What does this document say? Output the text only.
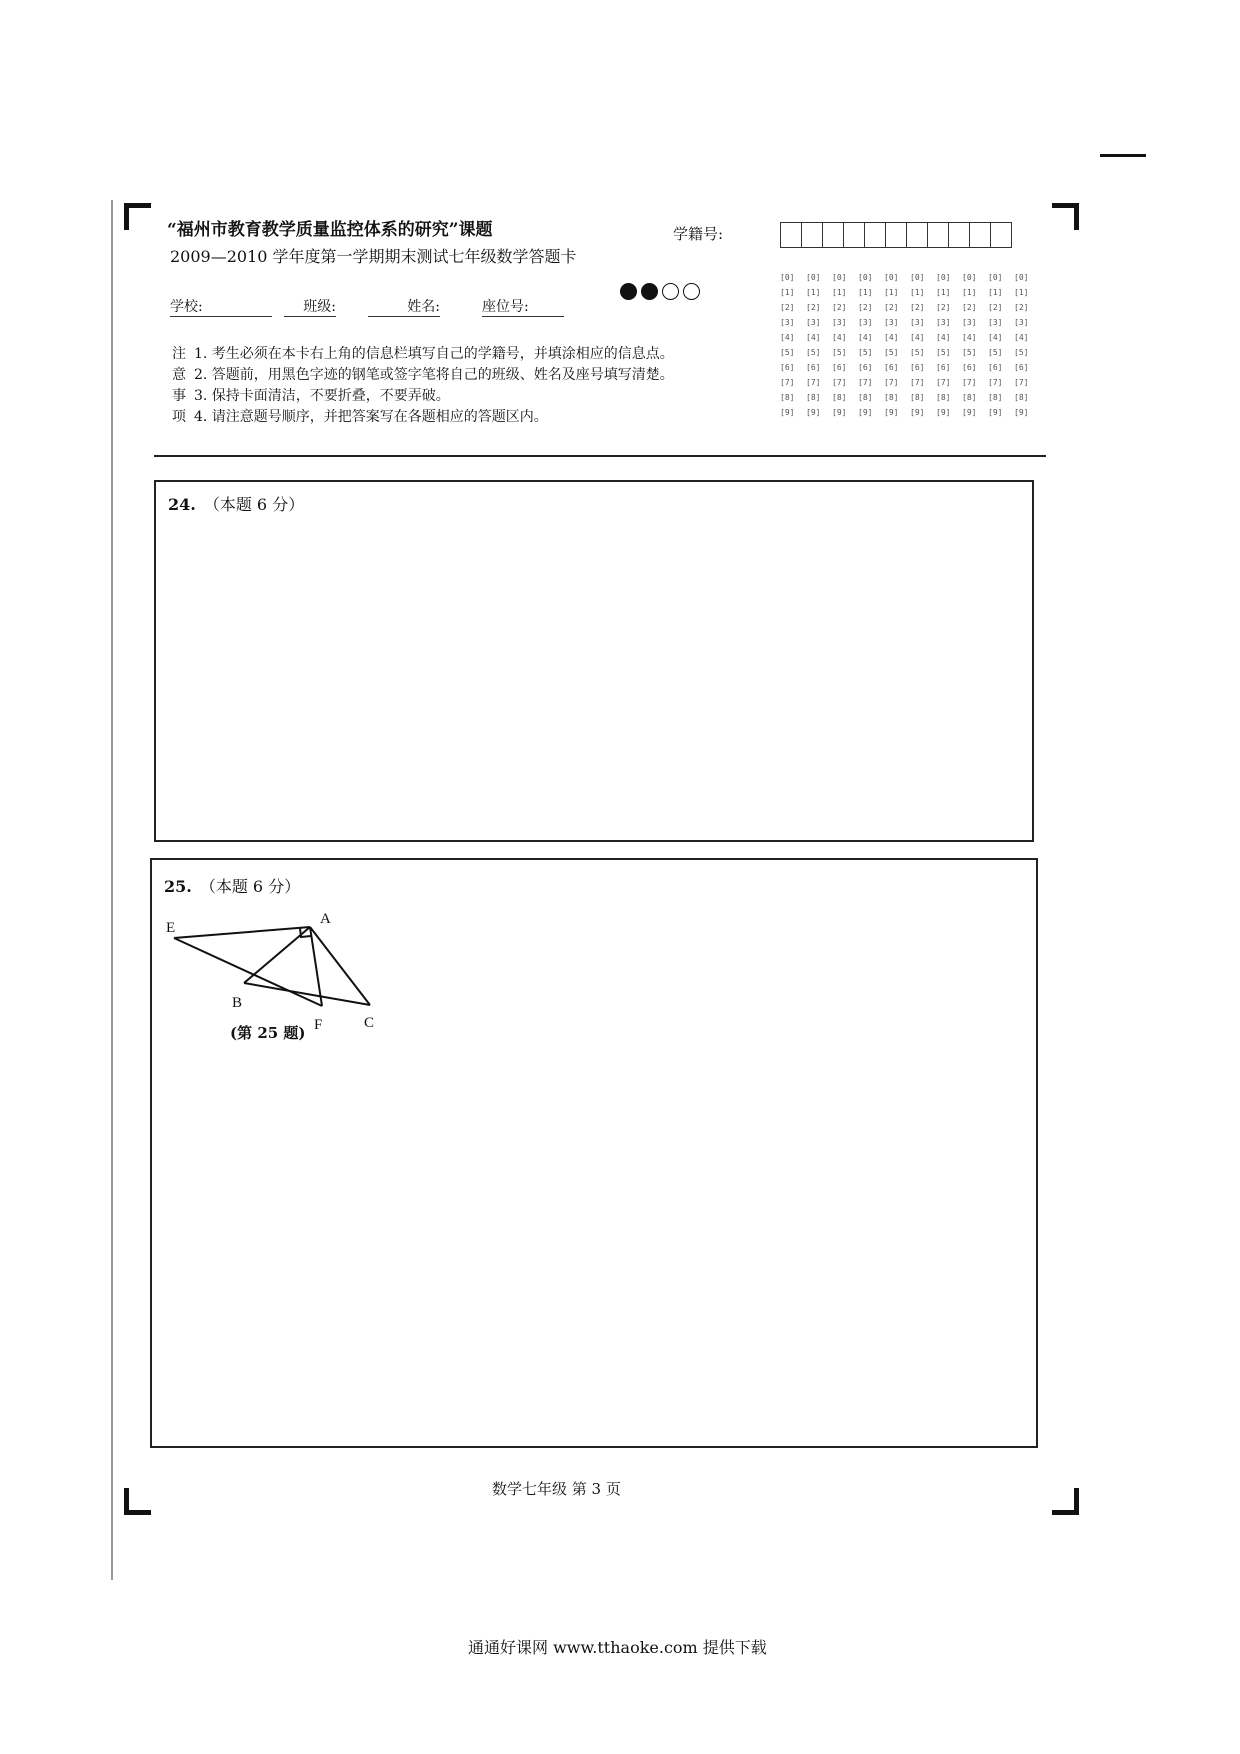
“福州市教育教学质量监控体系的研究”课题
2009—2010 学年度第一学期期末测试七年级数学答题卡
学籍号:
学校:	班级:	姓名:	座位号:
注 1. 考生必须在本卡右上角的信息栏填写自己的学籍号，并填涂相应的信息点。
意 2. 答题前，用黑色字迹的钢笔或签字笔将自己的班级、姓名及座号填写清楚。
事 3. 保持卡面清洁，不要折叠，不要弄破。
项 4. 请注意题号顺序，并把答案写在各题相应的答题区内。
[0]	[0]	[0]	[0]	[0]	[0]	[0]	[0]	[0]	[0]
[1]	[1]	[1]	[1]	[1]	[1]	[1]	[1]	[1]	[1]
[2]	[2]	[2]	[2]	[2]	[2]	[2]	[2]	[2]	[2]
[3]	[3]	[3]	[3]	[3]	[3]	[3]	[3]	[3]	[3]
[4]	[4]	[4]	[4]	[4]	[4]	[4]	[4]	[4]	[4]
[5]	[5]	[5]	[5]	[5]	[5]	[5]	[5]	[5]	[5]
[6]	[6]	[6]	[6]	[6]	[6]	[6]	[6]	[6]	[6]
[7]	[7]	[7]	[7]	[7]	[7]	[7]	[7]	[7]	[7]
[8]	[8]	[8]	[8]	[8]	[8]	[8]	[8]	[8]	[8]
[9]	[9]	[9]	[9]	[9]	[9]	[9]	[9]	[9]	[9]
24. （本题 6 分）
25. （本题 6 分）
E
A
B
F	C
(第 25 题)
数学七年级 第 3 页
通通好课网 www.tthaoke.com 提供下载
